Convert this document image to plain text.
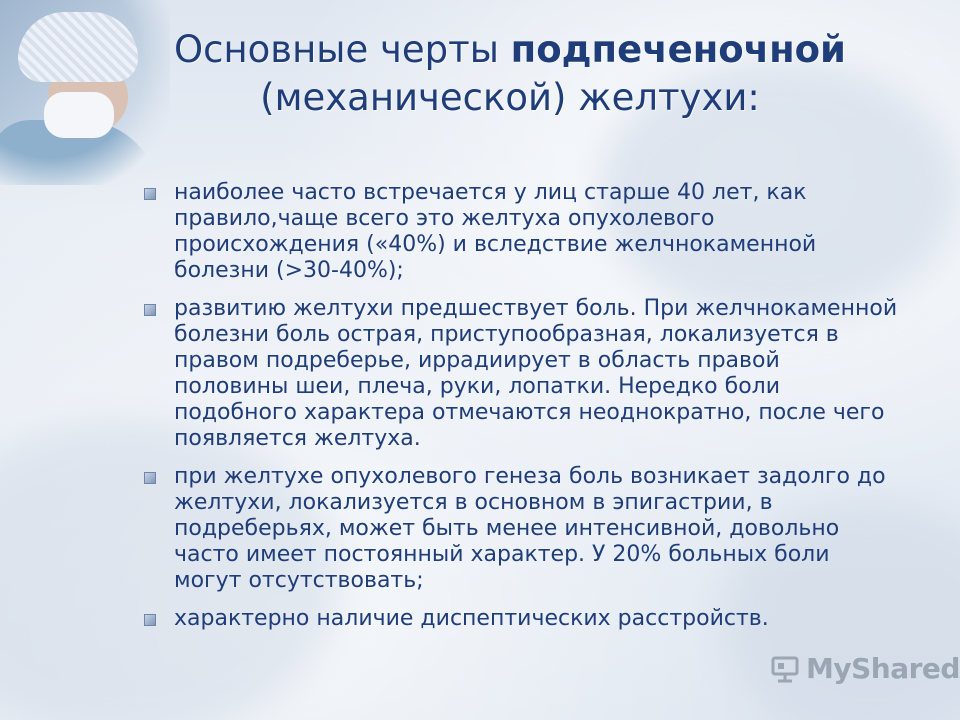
Основные черты подпеченочной
(механической) желтухи:
наиболее часто встречается у лиц старше 40 лет, как правило,чаще всего это желтуха опухолевого происхождения («40%) и вследствие желчнокаменной болезни (>30-40%);
развитию желтухи предшествует боль. При желчнокаменной болезни боль острая, приступообразная, локализуется в правом подреберье, иррадиирует в область правой половины шеи, плеча, руки, лопатки. Нередко боли подобного характера отмечаются неоднократно, после чего появляется желтуха.
при желтухе опухолевого генеза боль возникает задолго до желтухи, локализуется в основном в эпигастрии, в подреберьях, может быть менее интенсивной, довольно часто имеет постоянный характер. У 20% больных боли могут отсутствовать;
характерно наличие диспептических расстройств.
MyShared
